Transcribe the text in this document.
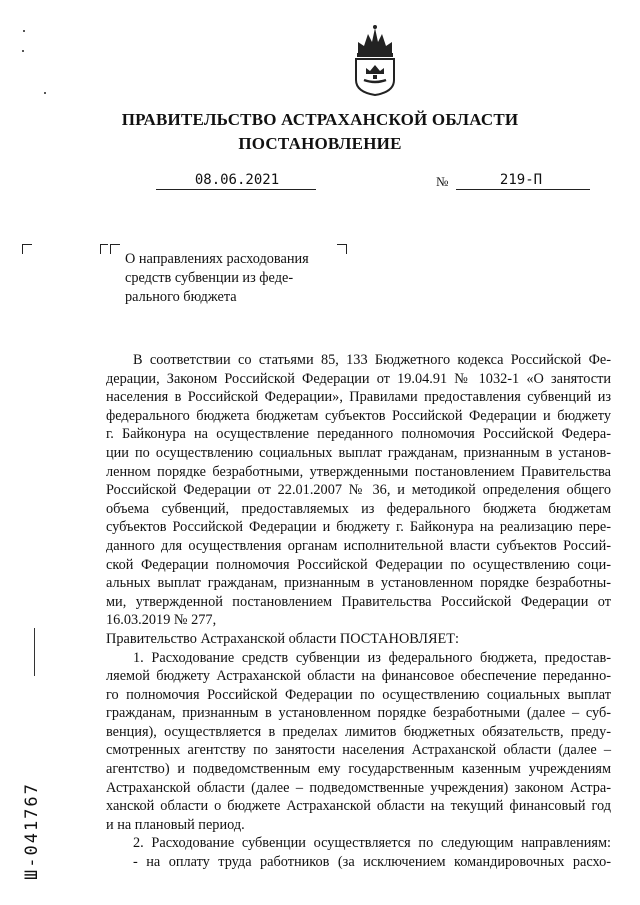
ПРАВИТЕЛЬСТВО АСТРАХАНСКОЙ ОБЛАСТИ
ПОСТАНОВЛЕНИЕ
08.06.2021	№	219-П
О направлениях расходования
средств субвенции из феде-
рального бюджета

В соответствии со статьями 85, 133 Бюджетного кодекса Российской Фе-

дерации, Законом Российской Федерации от 19.04.91 № 1032-1 «О занятости

населения в Российской Федерации», Правилами предоставления субвенций из

федерального бюджета бюджетам субъектов Российской Федерации и бюджету

г. Байконура на осуществление переданного полномочия Российской Федера-

ции по осуществлению социальных выплат гражданам, признанным в установ-

ленном порядке безработными, утвержденными постановлением Правительства

Российской Федерации от 22.01.2007 № 36, и методикой определения общего

объема субвенций, предоставляемых из федерального бюджета бюджетам

субъектов Российской Федерации и бюджету г. Байконура на реализацию пере-

данного для осуществления органам исполнительной власти субъектов Россий-

ской Федерации полномочия Российской Федерации по осуществлению соци-

альных выплат гражданам, признанным в установленном порядке безработны-

ми, утвержденной постановлением Правительства Российской Федерации от

16.03.2019 № 277,

Правительство Астраханской области ПОСТАНОВЛЯЕТ:

1. Расходование средств субвенции из федерального бюджета, предостав-

ляемой бюджету Астраханской области на финансовое обеспечение переданно-

го полномочия Российской Федерации по осуществлению социальных выплат

гражданам, признанным в установленном порядке безработными (далее – суб-

венция), осуществляется в пределах лимитов бюджетных обязательств, преду-

смотренных агентству по занятости населения Астраханской области (далее –

агентство) и подведомственным ему государственным казенным учреждениям

Астраханской области (далее – подведомственные учреждения) законом Астра-

ханской области о бюджете Астраханской области на текущий финансовый год

и на плановый период.

2. Расходование субвенции осуществляется по следующим направлениям:

- на оплату труда работников (за исключением командировочных расхо-

Ш-041767
